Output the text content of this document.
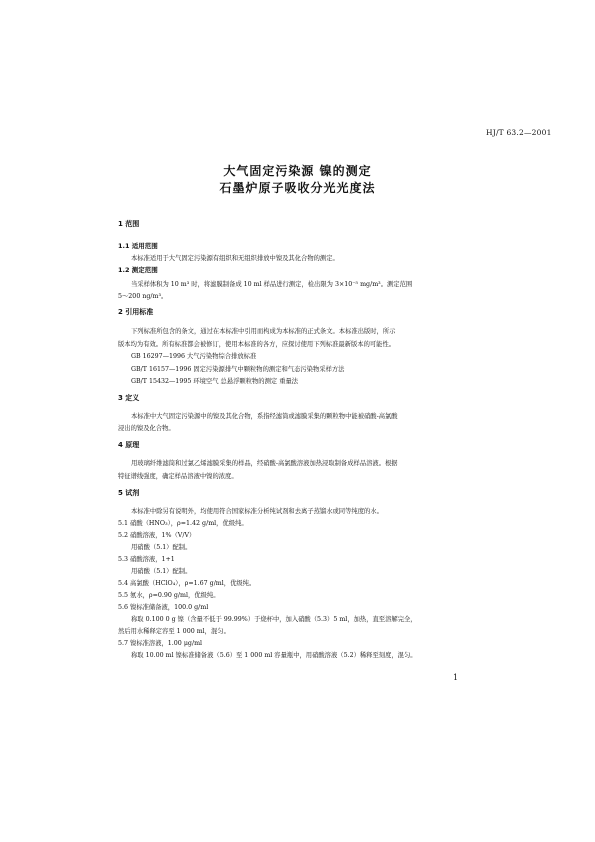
HJ/T 63.2—2001
大气固定污染源 镍的测定
石墨炉原子吸收分光光度法
1 范围
1.1 适用范围
本标准适用于大气固定污染源有组织和无组织排放中镍及其化合物的测定。
1.2 测定范围
当采样体积为 10 m³ 时，将滤膜制备成 10 ml 样品进行测定，检出限为 3×10⁻⁵ mg/m³。测定范围
5～200 ng/m³。
2 引用标准
下列标准所包含的条文，通过在本标准中引用而构成为本标准的正式条文。本标准出版时，所示
版本均为有效。所有标准都会被修订，使用本标准的各方，应探讨使用下列标准最新版本的可能性。
GB 16297—1996 大气污染物综合排放标准
GB/T 16157—1996 固定污染源排气中颗粒物的测定和气态污染物采样方法
GB/T 15432—1995 环境空气 总悬浮颗粒物的测定 重量法
3 定义
本标准中大气固定污染源中的镍及其化合物，系指经滤筒或滤膜采集的颗粒物中能被硝酸-高氯酸
浸出的镍及化合物。
4 原理
用玻璃纤维滤筒和过氯乙烯滤膜采集的样品，经硝酸-高氯酸溶液加热浸取制备成样品溶液。根据
特征谱线强度，确定样品溶液中镍的浓度。
5 试剂
本标准中除另有说明外，均使用符合国家标准分析纯试剂和去离子蒸馏水或同等纯度的水。
5.1 硝酸（HNO₃），ρ=1.42 g/ml，优级纯。
5.2 硝酸溶液，1%（V/V）
用硝酸（5.1）配制。
5.3 硝酸溶液，1+1
用硝酸（5.1）配制。
5.4 高氯酸（HClO₄），ρ=1.67 g/ml，优级纯。
5.5 氨水，ρ=0.90 g/ml，优级纯。
5.6 镍标准储备液，100.0 g/ml
称取 0.100 0 g 镍（含量不低于 99.99%）于烧杯中，加入硝酸（5.3）5 ml，加热，直至溶解完全，
然后用水稀释定容至 1 000 ml，混匀。
5.7 镍标准溶液，1.00 μg/ml
称取 10.00 ml 镍标准储备液（5.6）至 1 000 ml 容量瓶中，用硝酸溶液（5.2）稀释至刻度，混匀。
1
